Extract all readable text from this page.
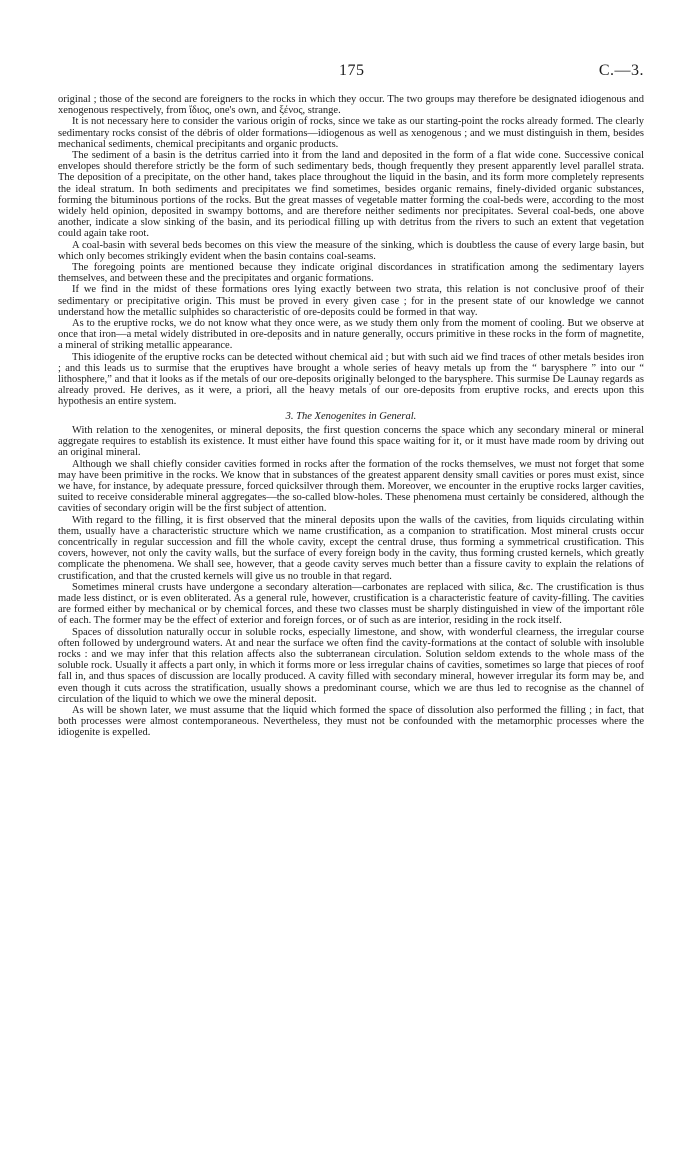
175	C.—3.

original ; those of the second are foreigners to the rocks in which they occur. The two groups may therefore be designated idiogenous and xenogenous respectively, from ἴδιος, one's own, and ξένος, strange.

It is not necessary here to consider the various origin of rocks, since we take as our starting-point the rocks already formed. The clearly sedimentary rocks consist of the débris of older formations—idiogenous as well as xenogenous ; and we must distinguish in them, besides mechanical sediments, chemical precipitants and organic products.

The sediment of a basin is the detritus carried into it from the land and deposited in the form of a flat wide cone. Successive conical envelopes should therefore strictly be the form of such sedimentary beds, though frequently they present apparently level parallel strata. The deposition of a precipitate, on the other hand, takes place throughout the liquid in the basin, and its form more completely represents the ideal stratum. In both sediments and precipitates we find sometimes, besides organic remains, finely-divided organic substances, forming the bituminous portions of the rocks. But the great masses of vegetable matter forming the coal-beds were, according to the most widely held opinion, deposited in swampy bottoms, and are therefore neither sediments nor precipitates. Several coal-beds, one above another, indicate a slow sinking of the basin, and its periodical filling up with detritus from the rivers to such an extent that vegetation could again take root.

A coal-basin with several beds becomes on this view the measure of the sinking, which is doubtless the cause of every large basin, but which only becomes strikingly evident when the basin contains coal-seams.

The foregoing points are mentioned because they indicate original discordances in stratification among the sedimentary layers themselves, and between these and the precipitates and organic formations.

If we find in the midst of these formations ores lying exactly between two strata, this relation is not conclusive proof of their sedimentary or precipitative origin. This must be proved in every given case ; for in the present state of our knowledge we cannot understand how the metallic sulphides so characteristic of ore-deposits could be formed in that way.

As to the eruptive rocks, we do not know what they once were, as we study them only from the moment of cooling. But we observe at once that iron—a metal widely distributed in ore-deposits and in nature generally, occurs primitive in these rocks in the form of magnetite, a mineral of striking metallic appearance.

This idiogenite of the eruptive rocks can be detected without chemical aid ; but with such aid we find traces of other metals besides iron ; and this leads us to surmise that the eruptives have brought a whole series of heavy metals up from the “ barysphere ” into our “ lithosphere,” and that it looks as if the metals of our ore-deposits originally belonged to the barysphere. This surmise De Launay regards as already proved. He derives, as it were, a priori, all the heavy metals of our ore-deposits from eruptive rocks, and erects upon this hypothesis an entire system.

3. The Xenogenites in General.

With relation to the xenogenites, or mineral deposits, the first question concerns the space which any secondary mineral or mineral aggregate requires to establish its existence. It must either have found this space waiting for it, or it must have made room by driving out an original mineral.

Although we shall chiefly consider cavities formed in rocks after the formation of the rocks themselves, we must not forget that some may have been primitive in the rocks. We know that in substances of the greatest apparent density small cavities or pores must exist, since we have, for instance, by adequate pressure, forced quicksilver through them. Moreover, we encounter in the eruptive rocks larger cavities, suited to receive considerable mineral aggregates—the so-called blow-holes. These phenomena must certainly be considered, although the cavities of secondary origin will be the first subject of attention.

With regard to the filling, it is first observed that the mineral deposits upon the walls of the cavities, from liquids circulating within them, usually have a characteristic structure which we name crustification, as a companion to stratification. Most mineral crusts occur concentrically in regular succession and fill the whole cavity, except the central druse, thus forming a symmetrical crustification. This covers, however, not only the cavity walls, but the surface of every foreign body in the cavity, thus forming crusted kernels, which greatly complicate the phenomena. We shall see, however, that a geode cavity serves much better than a fissure cavity to explain the relations of crustification, and that the crusted kernels will give us no trouble in that regard.

Sometimes mineral crusts have undergone a secondary alteration—carbonates are replaced with silica, &c. The crustification is thus made less distinct, or is even obliterated. As a general rule, however, crustification is a characteristic feature of cavity-filling. The cavities are formed either by mechanical or by chemical forces, and these two classes must be sharply distinguished in view of the important rôle of each. The former may be the effect of exterior and foreign forces, or of such as are interior, residing in the rock itself.

Spaces of dissolution naturally occur in soluble rocks, especially limestone, and show, with wonderful clearness, the irregular course often followed by underground waters. At and near the surface we often find the cavity-formations at the contact of soluble with insoluble rocks : and we may infer that this relation affects also the subterranean circulation. Solution seldom extends to the whole mass of the soluble rock. Usually it affects a part only, in which it forms more or less irregular chains of cavities, sometimes so large that pieces of roof fall in, and thus spaces of discussion are locally produced. A cavity filled with secondary mineral, however irregular its form may be, and even though it cuts across the stratification, usually shows a predominant course, which we are thus led to recognise as the channel of circulation of the liquid to which we owe the mineral deposit.

As will be shown later, we must assume that the liquid which formed the space of dissolution also performed the filling ; in fact, that both processes were almost contemporaneous. Nevertheless, they must not be confounded with the metamorphic processes where the idiogenite is expelled.
